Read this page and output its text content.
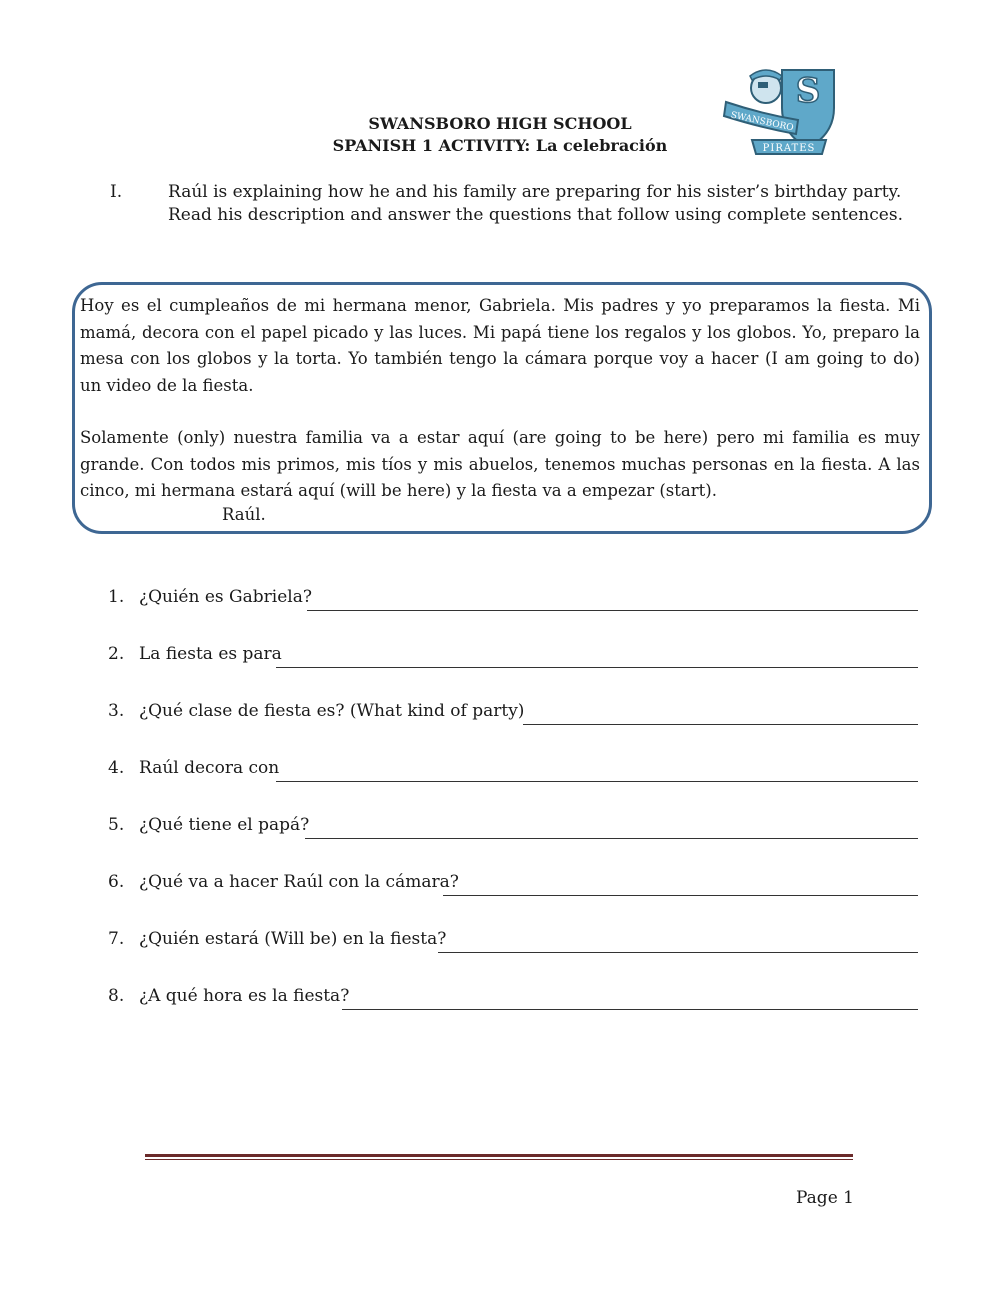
S
SWANSBORO
PIRATES
SWANSBORO HIGH SCHOOL
SPANISH 1 ACTIVITY: La celebración
I.	Raúl is explaining how he and his family are preparing for his sister’s birthday party. Read his description and answer the questions that follow using complete sentences.
Hoy es el cumpleaños de mi hermana menor, Gabriela. Mis padres y yo preparamos la fiesta. Mi mamá, decora con el papel picado y las luces. Mi papá tiene los regalos y los globos. Yo, preparo la mesa con los globos y la torta. Yo también tengo la cámara porque voy a hacer (I am going to do) un video de la fiesta.
Solamente (only) nuestra familia va a estar aquí (are going to be here) pero mi familia es muy grande. Con todos mis primos, mis tíos y mis abuelos, tenemos muchas personas en la fiesta. A las cinco, mi hermana estará aquí (will be here) y la fiesta va a empezar (start).
Raúl.
1. ¿Quién es Gabriela?
2. La fiesta es para
3. ¿Qué clase de fiesta es? (What kind of party)
4. Raúl decora con
5. ¿Qué tiene el papá?
6. ¿Qué va a hacer Raúl con la cámara?
7. ¿Quién estará (Will be) en la fiesta?
8. ¿A qué hora es la fiesta?
Page 1
